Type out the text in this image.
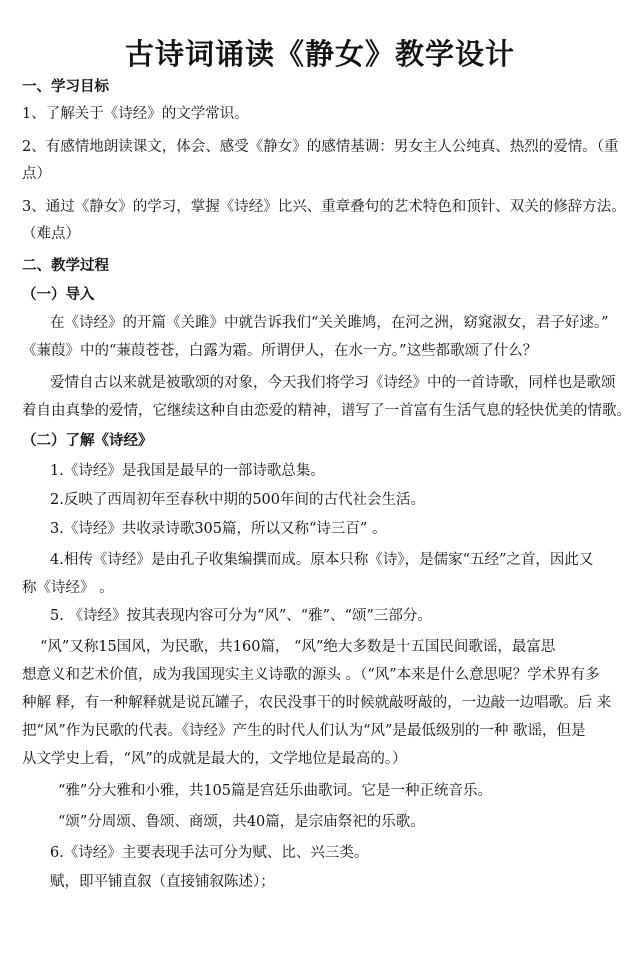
古诗词诵读《静女》教学设计
一、学习目标
1、了解关于《诗经》的文学常识。
2、有感情地朗读课文，体会、感受《静女》的感情基调：男女主人公纯真、热烈的爱情。（重
点）
3、通过《静女》的学习，掌握《诗经》比兴、重章叠句的艺术特色和顶针、双关的修辞方法。
（难点）
二、教学过程
（一）导入
在《诗经》的开篇《关雎》中就告诉我们“关关雎鸠，在河之洲，窈窕淑女，君子好逑。”
《蒹葭》中的“蒹葭苍苍，白露为霜。所谓伊人，在水一方。”这些都歌颂了什么？
爱情自古以来就是被歌颂的对象，今天我们将学习《诗经》中的一首诗歌，同样也是歌颂
着自由真挚的爱情，它继续这种自由恋爱的精神，谱写了一首富有生活气息的轻快优美的情歌。
（二）了解《诗经》
1.《诗经》是我国是最早的一部诗歌总集。
2.反映了西周初年至春秋中期的500年间的古代社会生活。
3.《诗经》共收录诗歌305篇，所以又称“诗三百” 。
4.相传《诗经》是由孔子收集编撰而成。原本只称《诗》，是儒家“五经”之首，因此又
称《诗经》 。
5. 《诗经》按其表现内容可分为“风”、“雅”、“颂”三部分。
“风”又称15国风，为民歌，共160篇， “风”绝大多数是十五国民间歌谣，最富思
想意义和艺术价值，成为我国现实主义诗歌的源头 。（“风”本来是什么意思呢？学术界有多
种解 释，有一种解释就是说瓦罐子，农民没事干的时候就敲呀敲的，一边敲一边唱歌。后 来
把“风”作为民歌的代表。《诗经》产生的时代人们认为“风”是最低级别的一种 歌谣，但是
从文学史上看，“风”的成就是最大的，文学地位是最高的。）
“雅”分大雅和小雅，共105篇是宫廷乐曲歌词。它是一种正统音乐。
“颂”分周颂、鲁颂、商颂，共40篇，是宗庙祭祀的乐歌。
6.《诗经》主要表现手法可分为赋、比、兴三类。
赋，即平铺直叙（直接铺叙陈述）；
